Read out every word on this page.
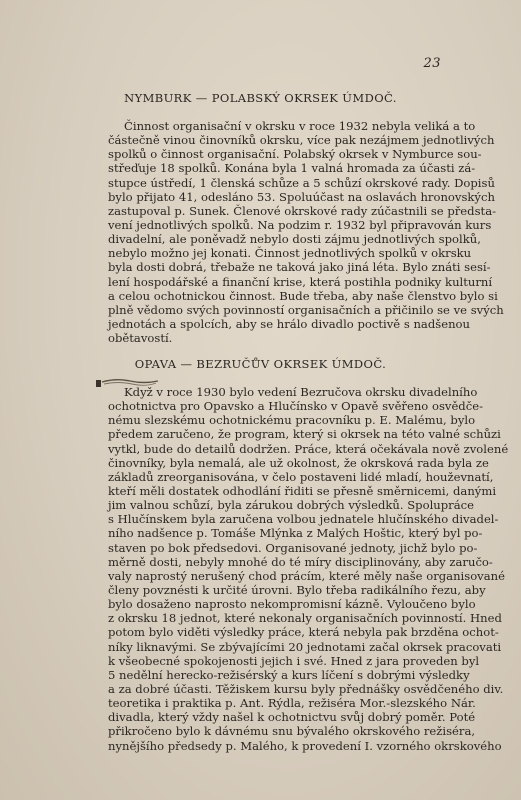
23
NYMBURK — POLABSKÝ OKRSEK ÚMDOČ.
Činnost organisační v okrsku v roce 1932 nebyla veliká a to
částečně vinou činovníků okrsku, více pak nezájmem jednotlivých
spolků o činnost organisační. Polabský okrsek v Nymburce sou-
střeďuje 18 spolků. Konána byla 1 valná hromada za účasti zá-
stupce ústředí, 1 členská schůze a 5 schůzí okrskové rady. Dopisů
bylo přijato 41, odesláno 53. Spoluúčast na oslavách hronovských
zastupoval p. Sunek. Členové okrskové rady zúčastnili se předsta-
vení jednotlivých spolků. Na podzim r. 1932 byl připravován kurs
divadelní, ale poněvadž nebylo dosti zájmu jednotlivých spolků,
nebylo možno jej konati. Činnost jednotlivých spolků v okrsku
byla dosti dobrá, třebaže ne taková jako jiná léta. Bylo znáti sesí-
lení hospodářské a finanční krise, která postihla podniky kulturní
a celou ochotnickou činnost. Bude třeba, aby naše členstvo bylo si
plně vědomo svých povinností organisačních a přičinilo se ve svých
jednotách a spolcích, aby se hrálo divadlo poctivě s nadšenou
obětavostí.
OPAVA — BEZRUČŮV OKRSEK ÚMDOČ.
Když v roce 1930 bylo vedení Bezručova okrsku divadelního
ochotnictva pro Opavsko a Hlučínsko v Opavě svěřeno osvědče-
nému slezskému ochotnickému pracovníku p. E. Malému, bylo
předem zaručeno, že program, který si okrsek na této valné schůzi
vytkl, bude do detailů dodržen. Práce, která očekávala nově zvolené
činovníky, byla nemalá, ale už okolnost, že okrsková rada byla ze
základů zreorganisována, v čelo postaveni lidé mladí, houževnatí,
kteří měli dostatek odhodlání řiditi se přesně směrnicemi, danými
jim valnou schůzí, byla zárukou dobrých výsledků. Spolupráce
s Hlučínskem byla zaručena volbou jednatele hlučínského divadel-
ního nadšence p. Tomáše Mlýnka z Malých Hoštic, který byl po-
staven po bok předsedovi. Organisované jednoty, jichž bylo po-
měrně dosti, nebyly mnohé do té míry disciplinovány, aby zaručo-
valy naprostý nerušený chod prácím, které měly naše organisované
členy povznésti k určité úrovni. Bylo třeba radikálního řezu, aby
bylo dosaženo naprosto nekompromisní kázně. Vyloučeno bylo
z okrsku 18 jednot, které nekonaly organisačních povinností. Hned
potom bylo viděti výsledky práce, která nebyla pak brzděna ochot-
níky liknavými. Se zbývajícími 20 jednotami začal okrsek pracovati
k všeobecné spokojenosti jejich i své. Hned z jara proveden byl
5 nedělní herecko-režisérský a kurs líčení s dobrými výsledky
a za dobré účasti. Těžiskem kursu byly přednášky osvědčeného div.
teoretika i praktika p. Ant. Rýdla, režiséra Mor.-slezského Nár.
divadla, který vždy našel k ochotnictvu svůj dobrý poměr. Poté
přikročeno bylo k dávnému snu bývalého okrskového režiséra,
nynějšího předsedy p. Malého, k provedení I. vzorného okrskového
